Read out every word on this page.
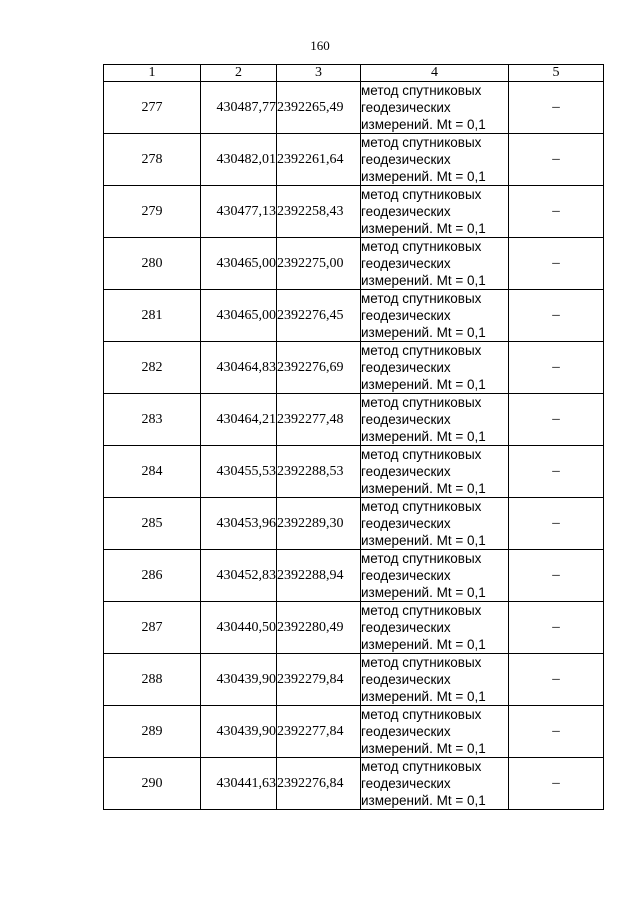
160
1	2	3	4	5
277	430487,77	2392265,49	метод спутниковых геодезических измерений. Mt = 0,1	–
278	430482,01	2392261,64	метод спутниковых геодезических измерений. Mt = 0,1	–
279	430477,13	2392258,43	метод спутниковых геодезических измерений. Mt = 0,1	–
280	430465,00	2392275,00	метод спутниковых геодезических измерений. Mt = 0,1	–
281	430465,00	2392276,45	метод спутниковых геодезических измерений. Mt = 0,1	–
282	430464,83	2392276,69	метод спутниковых геодезических измерений. Mt = 0,1	–
283	430464,21	2392277,48	метод спутниковых геодезических измерений. Mt = 0,1	–
284	430455,53	2392288,53	метод спутниковых геодезических измерений. Mt = 0,1	–
285	430453,96	2392289,30	метод спутниковых геодезических измерений. Mt = 0,1	–
286	430452,83	2392288,94	метод спутниковых геодезических измерений. Mt = 0,1	–
287	430440,50	2392280,49	метод спутниковых геодезических измерений. Mt = 0,1	–
288	430439,90	2392279,84	метод спутниковых геодезических измерений. Mt = 0,1	–
289	430439,90	2392277,84	метод спутниковых геодезических измерений. Mt = 0,1	–
290	430441,63	2392276,84	метод спутниковых геодезических измерений. Mt = 0,1	–
